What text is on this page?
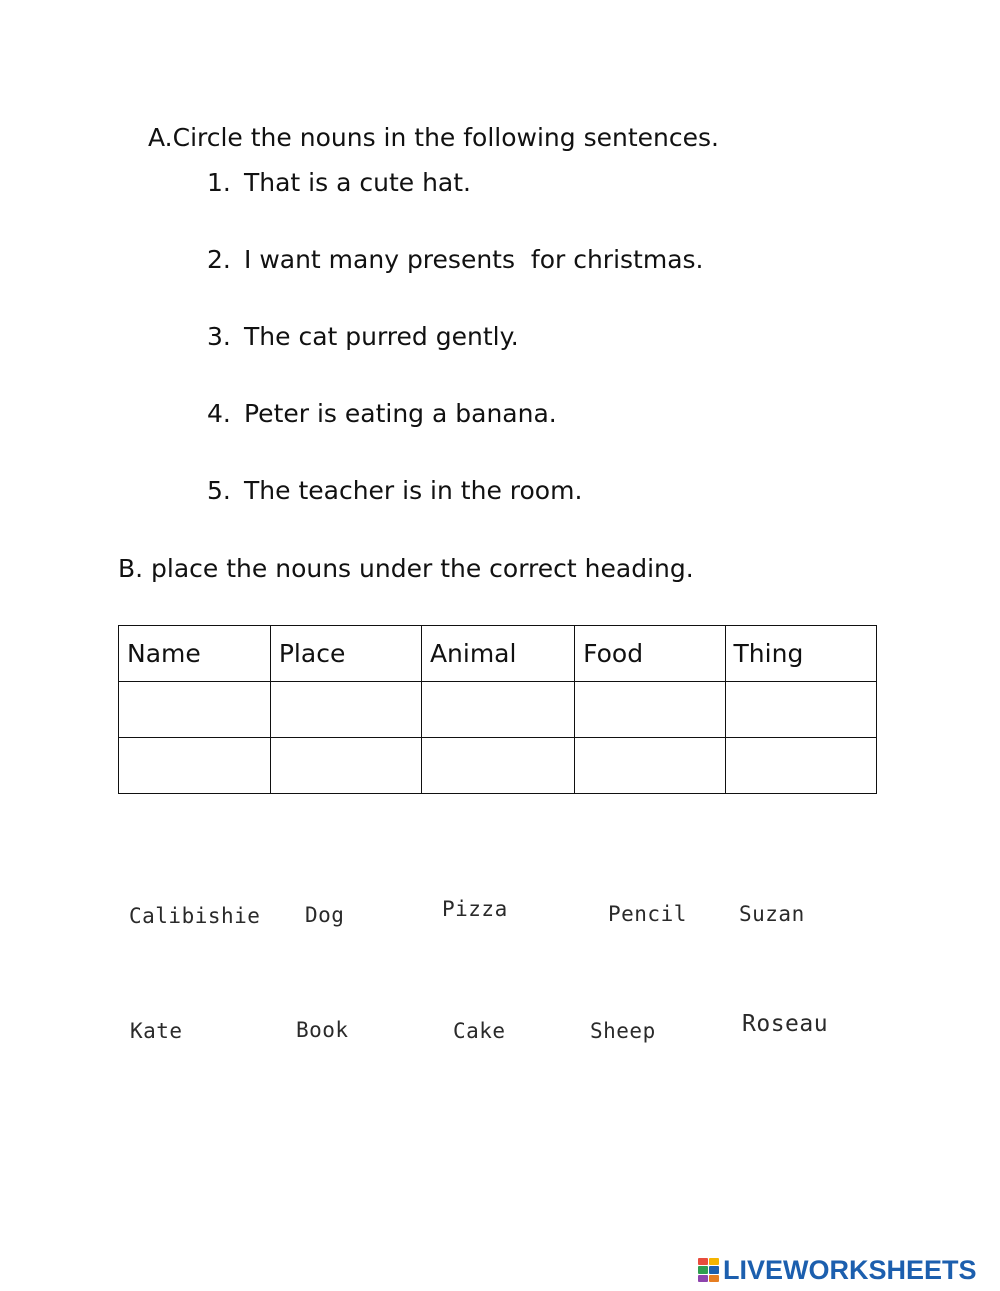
A.Circle the nouns in the following sentences.
1. That is a cute hat.
2. I want many presents  for christmas.
3. The cat purred gently.
4. Peter is eating a banana.
5. The teacher is in the room.
B. place the nouns under the correct heading.
Name	Place	Animal	Food	Thing

Calibishie Dog	Pizza	Pencil Suzan
Kate	Book	Cake	Sheep	Roseau
LIVEWORKSHEETS
